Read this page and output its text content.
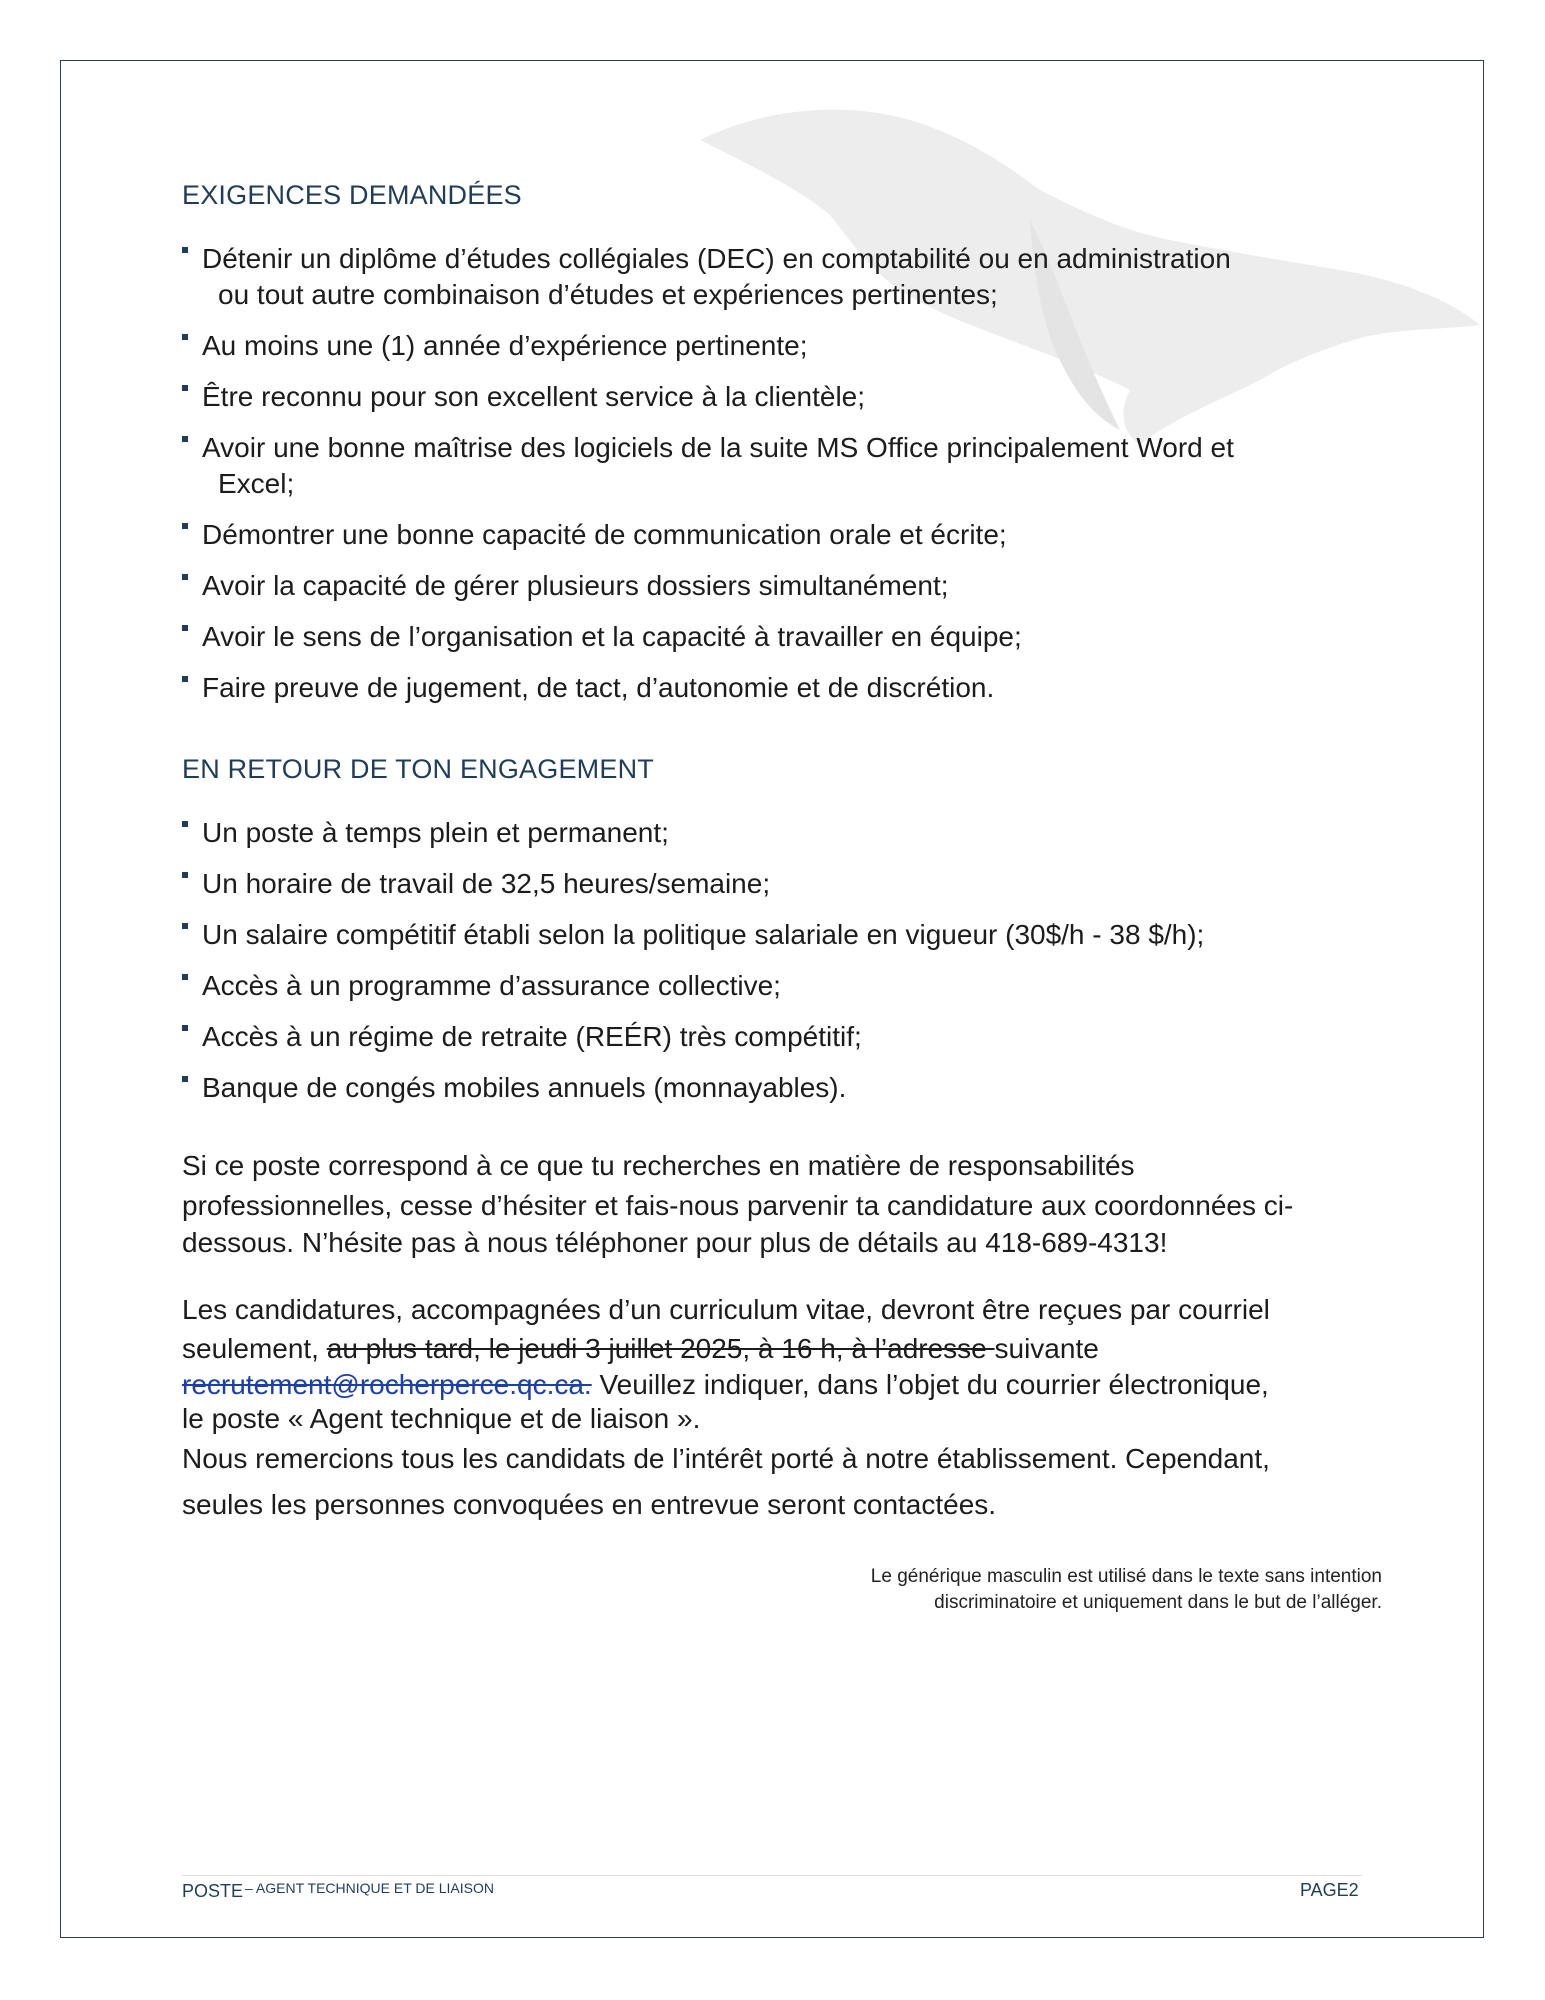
EXIGENCES DEMANDÉES
Détenir un diplôme d’études collégiales (DEC) en comptabilité ou en administration
ou tout autre combinaison d’études et expériences pertinentes;
Au moins une (1) année d’expérience pertinente;
Être reconnu pour son excellent service à la clientèle;
Avoir une bonne maîtrise des logiciels de la suite MS Office principalement Word et
Excel;
Démontrer une bonne capacité de communication orale et écrite;
Avoir la capacité de gérer plusieurs dossiers simultanément;
Avoir le sens de l’organisation et la capacité à travailler en équipe;
Faire preuve de jugement, de tact, d’autonomie et de discrétion.
EN RETOUR DE TON ENGAGEMENT
Un poste à temps plein et permanent;
Un horaire de travail de 32,5 heures/semaine;
Un salaire compétitif établi selon la politique salariale en vigueur (30$/h - 38 $/h);
Accès à un programme d’assurance collective;
Accès à un régime de retraite (REÉR) très compétitif;
Banque de congés mobiles annuels (monnayables).

Si ce poste correspond à ce que tu recherches en matière de responsabilités

professionnelles, cesse d’hésiter et fais-nous parvenir ta candidature aux coordonnées ci-

dessous. N’hésite pas à nous téléphoner pour plus de détails au 418-689-4313!

Les candidatures, accompagnées d’un curriculum vitae, devront être reçues par courriel

seulement, au plus tard, le jeudi 3 juillet 2025, à 16 h, à l’adresse suivante

recrutement@rocherperce.qc.ca. Veuillez indiquer, dans l’objet du courrier électronique,

le poste « Agent technique et de liaison ».

Nous remercions tous les candidats de l’intérêt porté à notre établissement. Cependant,

seules les personnes convoquées en entrevue seront contactées.

Le générique masculin est utilisé dans le texte sans intention
discriminatoire et uniquement dans le but de l’alléger.
POSTE $^{- AGENT TECHNIQUE ET DE LIAISON}$	PAGE2
